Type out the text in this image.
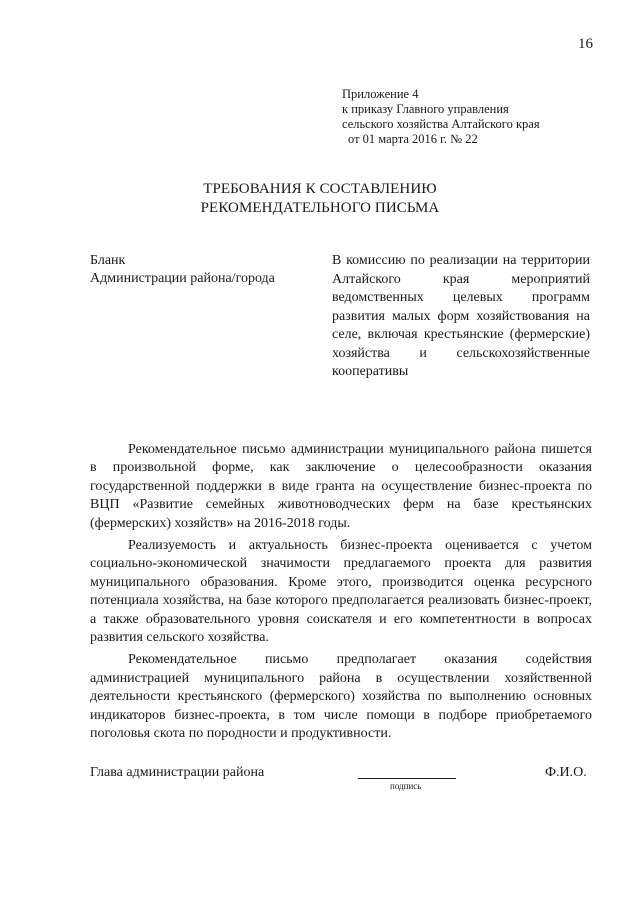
16
Приложение 4
к приказу Главного управления
сельского хозяйства Алтайского края
от 01 марта 2016 г. № 22
ТРЕБОВАНИЯ К СОСТАВЛЕНИЮ РЕКОМЕНДАТЕЛЬНОГО ПИСЬМА
Бланк
Администрации района/города
В комиссию по реализации на территории Алтайского края мероприятий ведомственных целевых программ развития малых форм хозяйствования на селе, включая крестьянские (фермерские) хозяйства и сельскохозяйственные кооперативы

Рекомендательное письмо администрации муниципального района пишется в произвольной форме, как заключение о целесообразности оказания государственной поддержки в виде гранта на осуществление бизнес-проекта по ВЦП «Развитие семейных животноводческих ферм на базе крестьянских (фермерских) хозяйств» на 2016-2018 годы.

Реализуемость и актуальность бизнес-проекта оценивается с учетом социально-экономической значимости предлагаемого проекта для развития муниципального образования. Кроме этого, производится оценка ресурсного потенциала хозяйства, на базе которого предполагается реализовать бизнес-проект, а также образовательного уровня соискателя и его компетентности в вопросах развития сельского хозяйства.

Рекомендательное письмо предполагает оказания содействия администрацией муниципального района в осуществлении хозяйственной деятельности крестьянского (фермерского) хозяйства по выполнению основных индикаторов бизнес-проекта, в том числе помощи в подборе приобретаемого поголовья скота по породности и продуктивности.

Глава администрации района
подпись
Ф.И.О.
